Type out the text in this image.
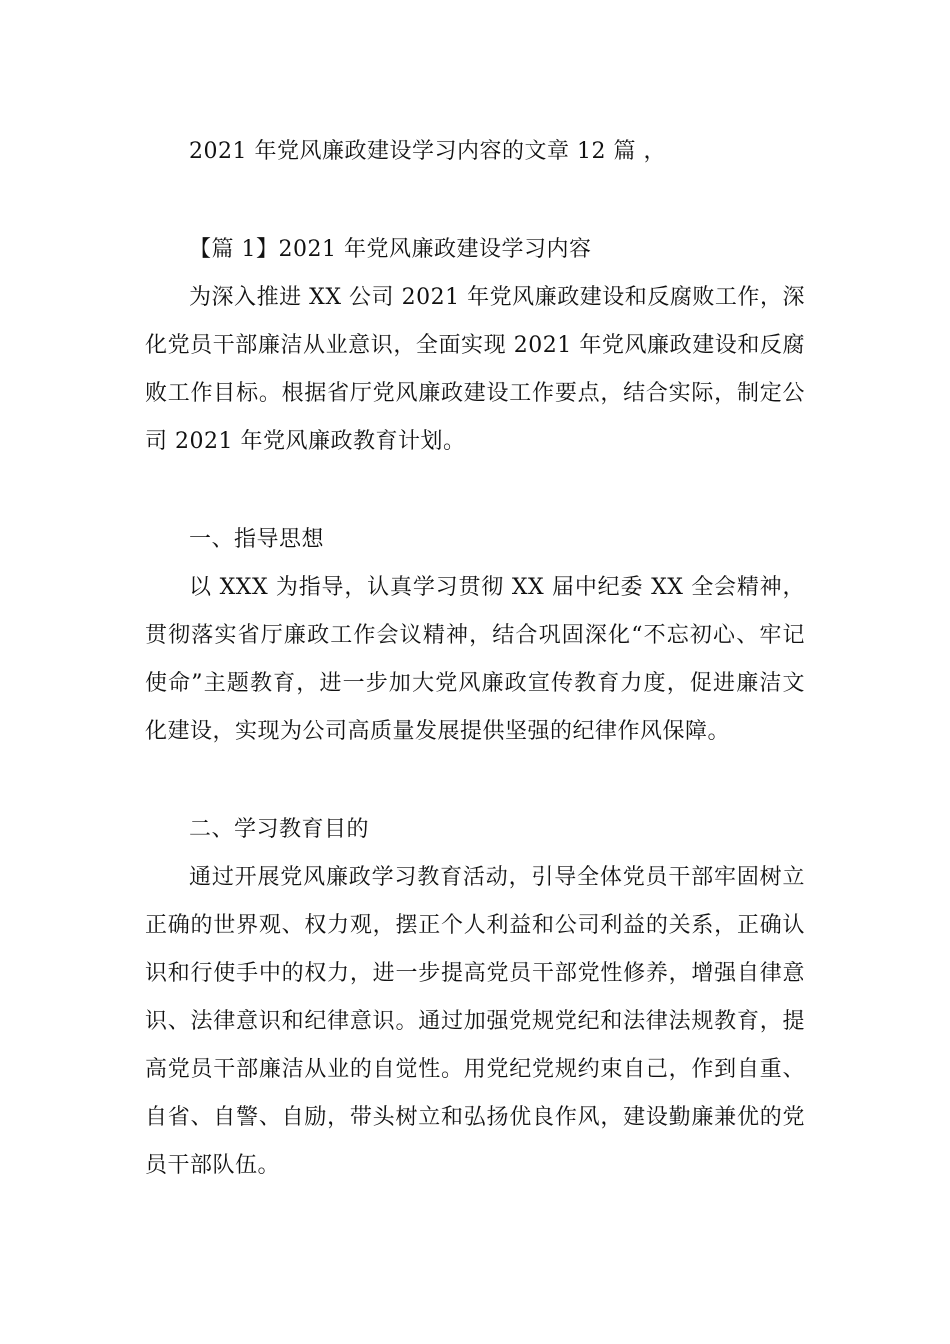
2021 年党风廉政建设学习内容的文章 12 篇 ，

【篇 1】2021 年党风廉政建设学习内容

为深入推进 XX 公司 2021 年党风廉政建设和反腐败工作，深化党员干部廉洁从业意识，全面实现 2021 年党风廉政建设和反腐败工作目标。根据省厅党风廉政建设工作要点，结合实际，制定公司 2021 年党风廉政教育计划。

一、指导思想

以 XXX 为指导，认真学习贯彻 XX 届中纪委 XX 全会精神，贯彻落实省厅廉政工作会议精神，结合巩固深化“不忘初心、牢记使命”主题教育，进一步加大党风廉政宣传教育力度，促进廉洁文化建设，实现为公司高质量发展提供坚强的纪律作风保障。

二、学习教育目的

通过开展党风廉政学习教育活动，引导全体党员干部牢固树立正确的世界观、权力观，摆正个人利益和公司利益的关系，正确认识和行使手中的权力，进一步提高党员干部党性修养，增强自律意识、法律意识和纪律意识。通过加强党规党纪和法律法规教育，提高党员干部廉洁从业的自觉性。用党纪党规约束自己，作到自重、自省、自警、自励，带头树立和弘扬优良作风，建设勤廉兼优的党员干部队伍。
